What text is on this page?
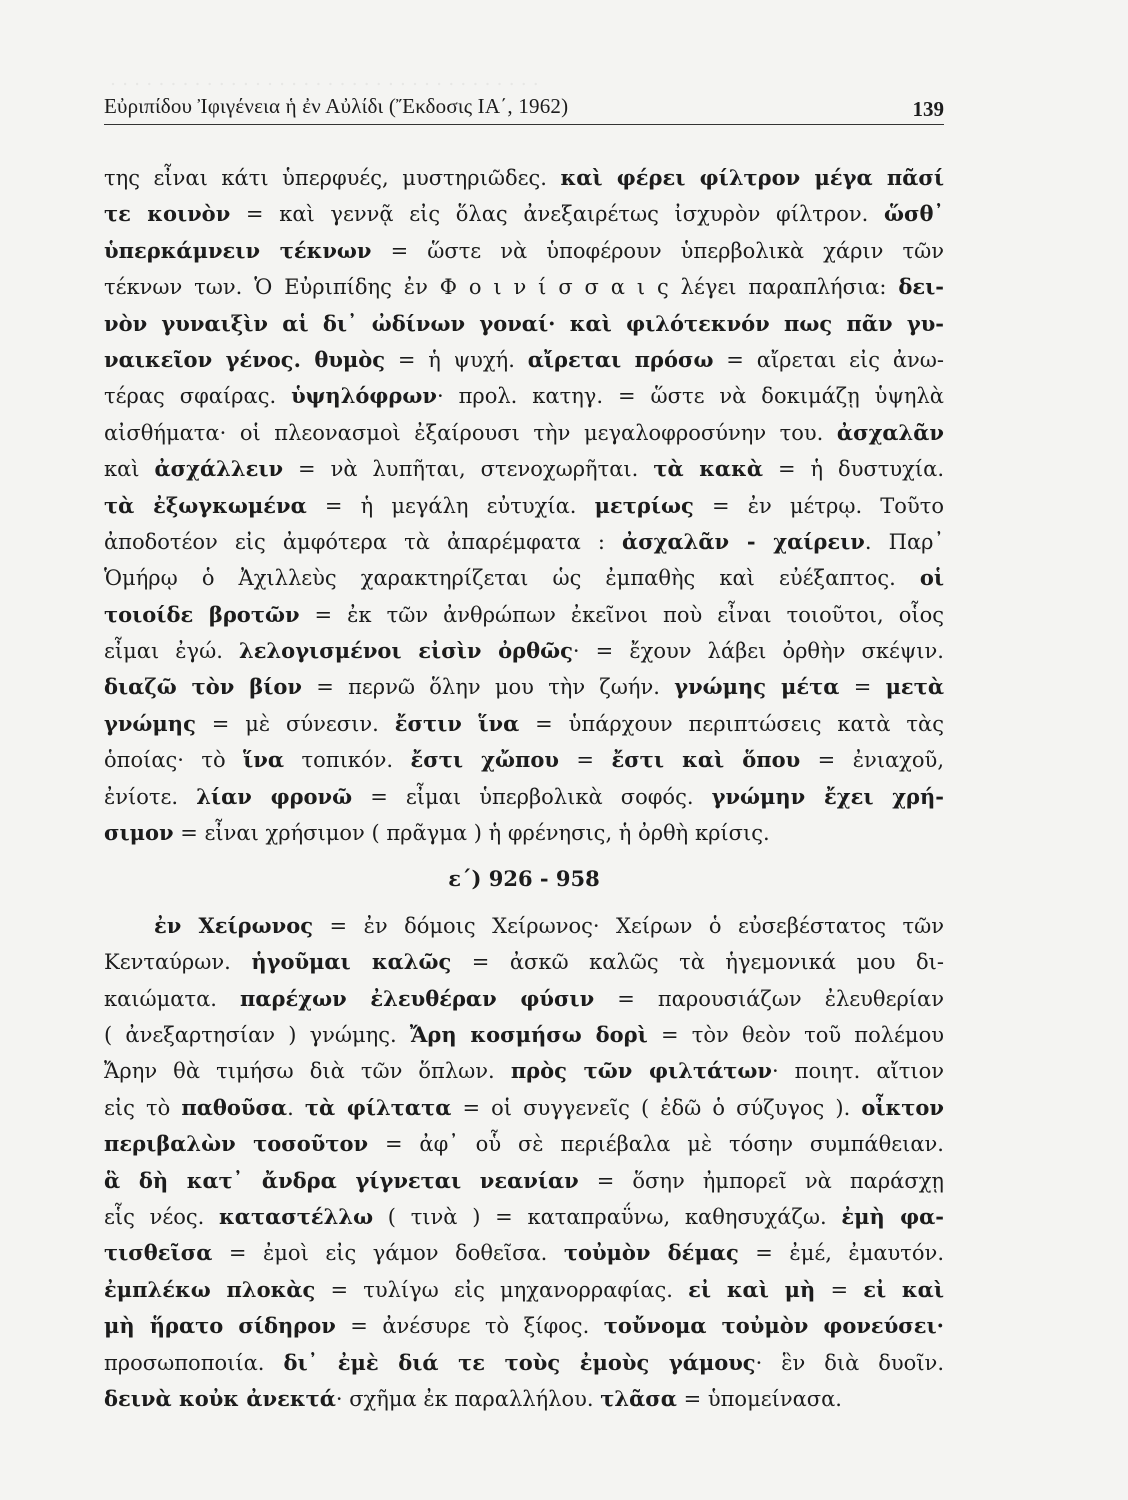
. . . . . . . . . . . . . . . . . . . . . . . . . . . . . . . . . . . .
Εὐριπίδου Ἰφιγένεια ἡ ἐν Αὐλίδι (Ἔκδοσις ΙΑ΄, 1962)	139
της εἶναι κάτι ὑπερφυές, μυστηριῶδες. καὶ φέρει φίλτρον μέγα πᾶσί
τε κοινὸν = καὶ γεννᾷ εἰς ὅλας ἀνεξαιρέτως ἰσχυρὸν φίλτρον. ὥσθ᾿
ὑπερκάμνειν τέκνων = ὥστε νὰ ὑποφέρουν ὑπερβολικὰ χάριν τῶν
τέκνων των. Ὁ Εὐριπίδης ἐν Φ ο ι ν ί σ σ α ι ς λέγει παραπλήσια: δει-
νὸν γυναιξὶν αἱ δι᾿ ὠδίνων γοναί· καὶ φιλότεκνόν πως πᾶν γυ-
ναικεῖον γένος. θυμὸς = ἡ ψυχή. αἴρεται πρόσω = αἴρεται εἰς ἀνω-
τέρας σφαίρας. ὑψηλόφρων· προλ. κατηγ. = ὥστε νὰ δοκιμάζῃ ὑψηλὰ
αἰσθήματα· οἱ πλεονασμοὶ ἐξαίρουσι τὴν μεγαλοφροσύνην του. ἀσχαλᾶν
καὶ ἀσχάλλειν = νὰ λυπῆται, στενοχωρῆται. τὰ κακὰ = ἡ δυστυχία.
τὰ ἐξωγκωμένα = ἡ μεγάλη εὐτυχία. μετρίως = ἐν μέτρῳ. Τοῦτο
ἀποδοτέον εἰς ἀμφότερα τὰ ἀπαρέμφατα : ἀσχαλᾶν - χαίρειν. Παρ᾿
Ὁμήρῳ ὁ Ἀχιλλεὺς χαρακτηρίζεται ὡς ἐμπαθὴς καὶ εὐέξαπτος. οἱ
τοιοίδε βροτῶν = ἐκ τῶν ἀνθρώπων ἐκεῖνοι ποὺ εἶναι τοιοῦτοι, οἷος
εἶμαι ἐγώ. λελογισμένοι εἰσὶν ὀρθῶς· = ἔχουν λάβει ὀρθὴν σκέψιν.
διαζῶ τὸν βίον = περνῶ ὅλην μου τὴν ζωήν. γνώμης μέτα = μετὰ
γνώμης = μὲ σύνεσιν. ἔστιν ἵνα = ὑπάρχουν περιπτώσεις κατὰ τὰς
ὁποίας· τὸ ἵνα τοπικόν. ἔστι χὤπου = ἔστι καὶ ὅπου = ἐνιαχοῦ,
ἐνίοτε. λίαν φρονῶ = εἶμαι ὑπερβολικὰ σοφός. γνώμην ἔχει χρή-
σιμον = εἶναι χρήσιμον ( πρᾶγμα ) ἡ φρένησις, ἡ ὀρθὴ κρίσις.
ε΄) 926 - 958
ἐν Χείρωνος = ἐν δόμοις Χείρωνος· Χείρων ὁ εὐσεβέστατος τῶν
Κενταύρων. ἡγοῦμαι καλῶς = ἀσκῶ καλῶς τὰ ἡγεμονικά μου δι-
καιώματα. παρέχων ἐλευθέραν φύσιν = παρουσιάζων ἐλευθερίαν
( ἀνεξαρτησίαν ) γνώμης. Ἄρη κοσμήσω δορὶ = τὸν θεὸν τοῦ πολέμου
Ἄρην θὰ τιμήσω διὰ τῶν ὅπλων. πρὸς τῶν φιλτάτων· ποιητ. αἴτιον
εἰς τὸ παθοῦσα. τὰ φίλτατα = οἱ συγγενεῖς ( ἐδῶ ὁ σύζυγος ). οἶκτον
περιβαλὼν τοσοῦτον = ἀφ᾿ οὗ σὲ περιέβαλα μὲ τόσην συμπάθειαν.
ἃ δὴ κατ᾿ ἄνδρα γίγνεται νεανίαν = ὅσην ἠμπορεῖ νὰ παράσχῃ
εἷς νέος. καταστέλλω ( τινὰ ) = καταπραΰνω, καθησυχάζω. ἐμὴ φα-
τισθεῖσα = ἐμοὶ εἰς γάμον δοθεῖσα. τοὐμὸν δέμας = ἐμέ, ἐμαυτόν.
ἐμπλέκω πλοκὰς = τυλίγω εἰς μηχανορραφίας. εἰ καὶ μὴ = εἰ καὶ
μὴ ἥρατο σίδηρον = ἀνέσυρε τὸ ξίφος. τοὔνομα τοὐμὸν φονεύσει·
προσωποποιία. δι᾿ ἐμὲ διά τε τοὺς ἐμοὺς γάμους· ἓν διὰ δυοῖν.
δεινὰ κοὐκ ἀνεκτά· σχῆμα ἐκ παραλλήλου. τλᾶσα = ὑπομείνασα.
